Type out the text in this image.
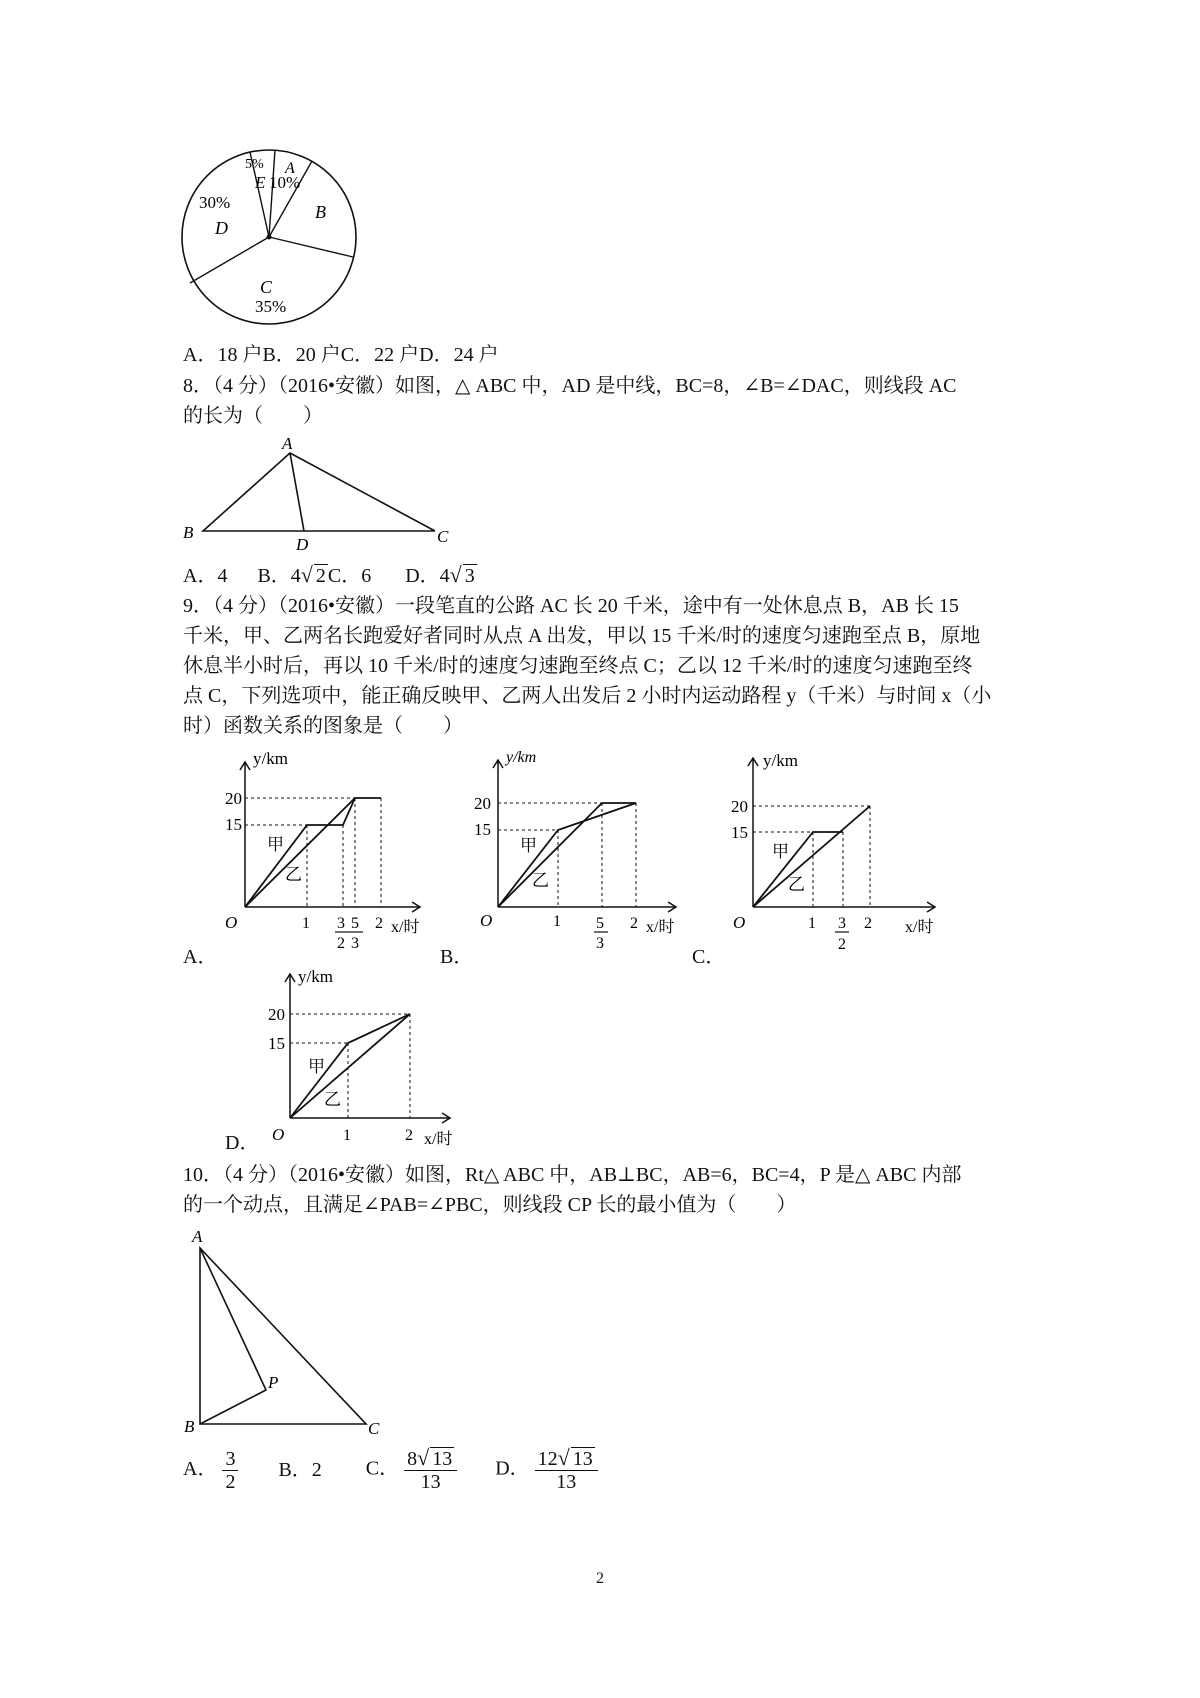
5%
E
A
10%
B
C
35%
30%
D
A．18 户B．20 户C．22 户D．24 户
8．（4 分）（2016•安徽）如图，△ ABC 中，AD 是中线，BC=8，∠B=∠DAC，则线段 AC
的长为（　　）
A
B	C
D
A．4 B．4√ 2 C．6 D．4√ 3
9．（4 分）（2016•安徽）一段笔直的公路 AC 长 20 千米，途中有一处休息点 B，AB 长 15
千米，甲、乙两名长跑爱好者同时从点 A 出发，甲以 15 千米/时的速度匀速跑至点 B，原地
休息半小时后，再以 10 千米/时的速度匀速跑至终点 C；乙以 12 千米/时的速度匀速跑至终
点 C，下列选项中，能正确反映甲、乙两人出发后 2 小时内运动路程 y（千米）与时间 x（小
时）函数关系的图象是（　　）
y/km
20
15
甲
乙
O	1 3
2
5
3
2 x/时
A．
y/km
20
15
甲
乙
O	1 5
3
2 x/时
B．
y/km
20
15
甲
乙
O	1 3
2
2 x/时
C．
y/km
20
15
甲
乙
O	1	2 x/时
D．
10．（4 分）（2016•安徽）如图，Rt△ ABC 中，AB⊥BC，AB=6，BC=4，P 是△ ABC 内部
的一个动点，且满足∠PAB=∠PBC，则线段 CP 长的最小值为（　　）
A
B	C
P
A． $\frac{3}{2}$ B．2 C． $\frac{8√ 13}{13}$ D． $\frac{12√ 13}{13}$
2
